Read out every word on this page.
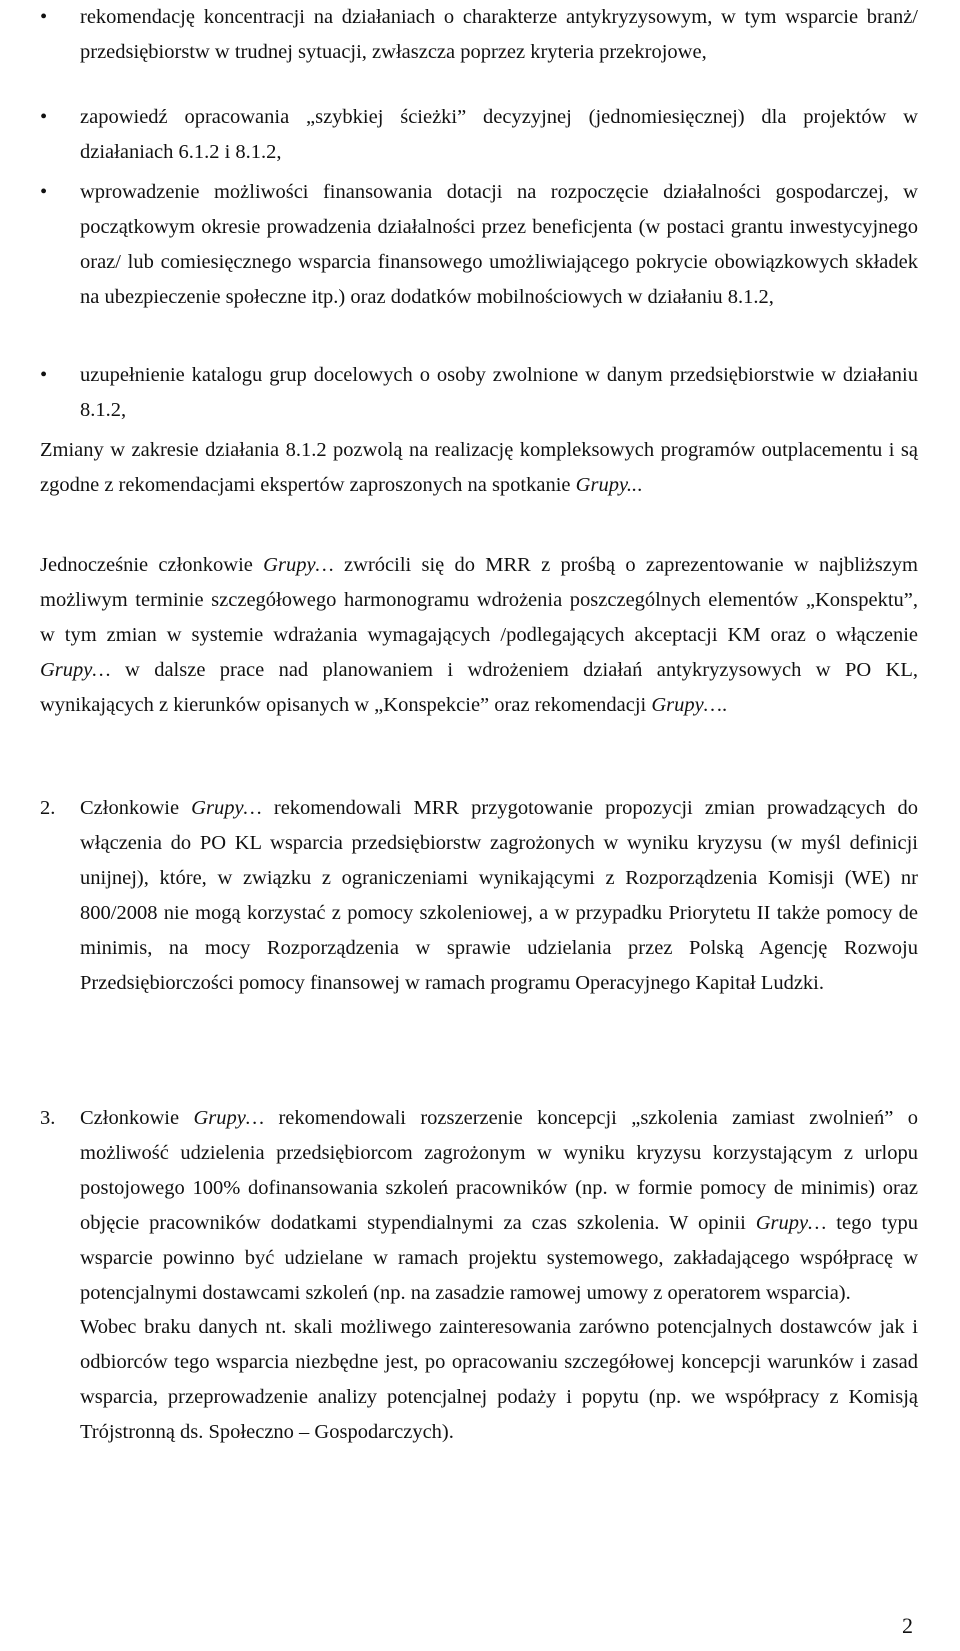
• rekomendację koncentracji na działaniach o charakterze antykryzysowym, w tym wsparcie branż/ przedsiębiorstw w trudnej sytuacji, zwłaszcza poprzez kryteria przekrojowe,

• zapowiedź opracowania „szybkiej ścieżki” decyzyjnej (jednomiesięcznej) dla projektów w działaniach 6.1.2 i 8.1.2,

• wprowadzenie możliwości finansowania dotacji na rozpoczęcie działalności gospodarczej, w początkowym okresie prowadzenia działalności przez beneficjenta (w postaci grantu inwestycyjnego oraz/ lub comiesięcznego wsparcia finansowego umożliwiającego pokrycie obowiązkowych składek na ubezpieczenie społeczne itp.) oraz dodatków mobilnościowych w działaniu 8.1.2,

• uzupełnienie katalogu grup docelowych o osoby zwolnione w danym przedsiębiorstwie w działaniu 8.1.2,

Zmiany w zakresie działania 8.1.2 pozwolą na realizację kompleksowych programów outplacementu i są zgodne z rekomendacjami ekspertów zaproszonych na spotkanie Grupy...

Jednocześnie członkowie Grupy… zwrócili się do MRR z prośbą o zaprezentowanie w najbliższym możliwym terminie szczegółowego harmonogramu wdrożenia poszczególnych elementów „Konspektu”, w tym zmian w systemie wdrażania wymagających /podlegających akceptacji KM oraz o włączenie Grupy… w dalsze prace nad planowaniem i wdrożeniem działań antykryzysowych w PO KL, wynikających z kierunków opisanych w „Konspekcie” oraz rekomendacji Grupy….

2. Członkowie Grupy… rekomendowali MRR przygotowanie propozycji zmian prowadzących do włączenia do PO KL wsparcia przedsiębiorstw zagrożonych w wyniku kryzysu (w myśl definicji unijnej), które, w związku z ograniczeniami wynikającymi z Rozporządzenia Komisji (WE) nr 800/2008 nie mogą korzystać z pomocy szkoleniowej, a w przypadku Priorytetu II także pomocy de minimis, na mocy Rozporządzenia w sprawie udzielania przez Polską Agencję Rozwoju Przedsiębiorczości pomocy finansowej w ramach programu Operacyjnego Kapitał Ludzki.

3. Członkowie Grupy… rekomendowali rozszerzenie koncepcji „szkolenia zamiast zwolnień” o możliwość udzielenia przedsiębiorcom zagrożonym w wyniku kryzysu korzystającym z urlopu postojowego 100% dofinansowania szkoleń pracowników (np. w formie pomocy de minimis) oraz objęcie pracowników dodatkami stypendialnymi za czas szkolenia. W opinii Grupy… tego typu wsparcie powinno być udzielane w ramach projektu systemowego, zakładającego współpracę w potencjalnymi dostawcami szkoleń (np. na zasadzie ramowej umowy z operatorem wsparcia).

Wobec braku danych nt. skali możliwego zainteresowania zarówno potencjalnych dostawców jak i odbiorców tego wsparcia niezbędne jest, po opracowaniu szczegółowej koncepcji warunków i zasad wsparcia, przeprowadzenie analizy potencjalnej podaży i popytu (np. we współpracy z Komisją Trójstronną ds. Społeczno – Gospodarczych).

2
